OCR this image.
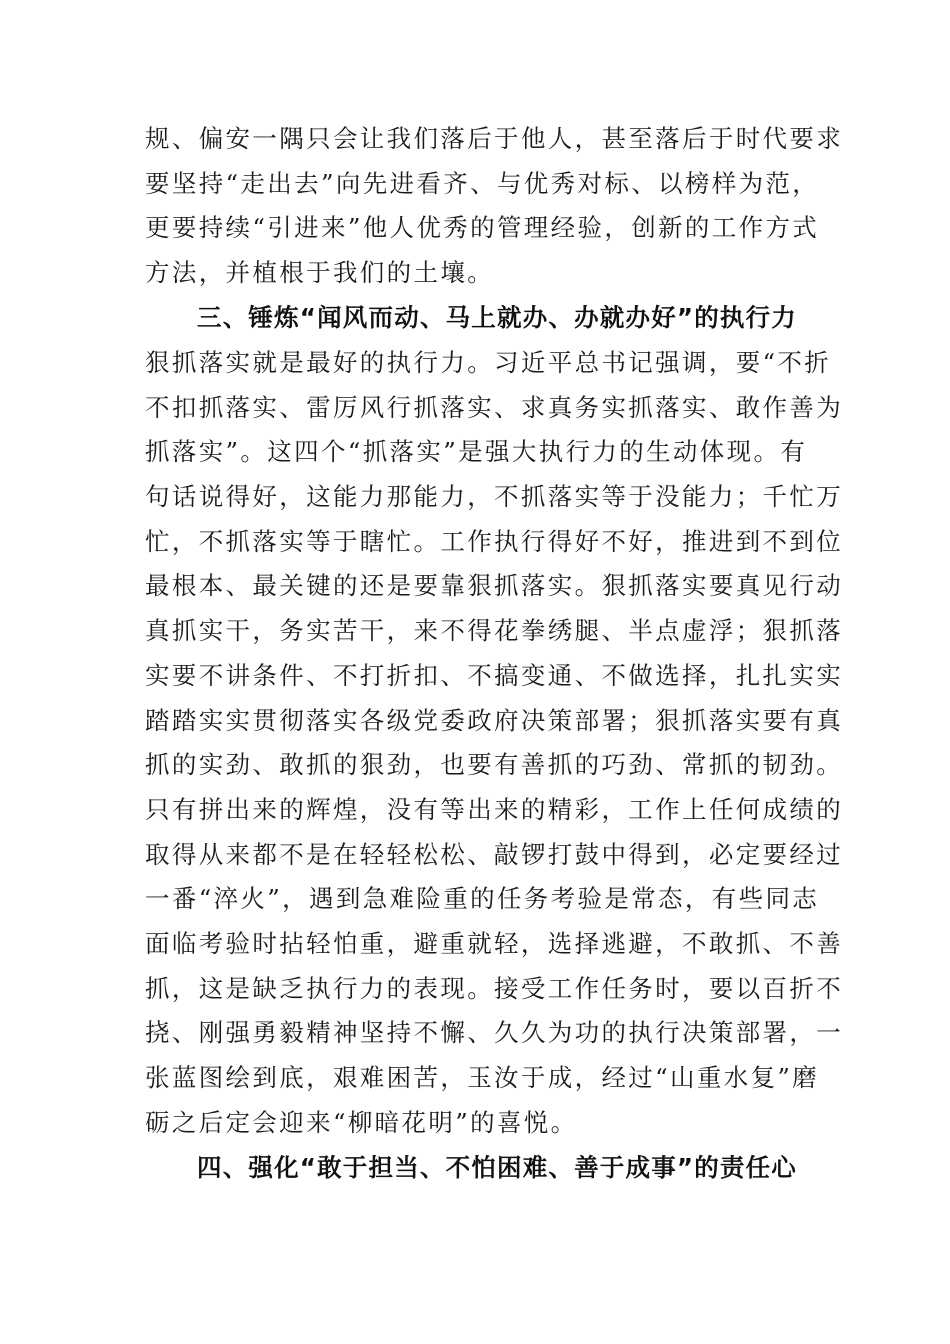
规、偏安一隅只会让我们落后于他人，甚至落后于时代要求
要坚持“走出去”向先进看齐、与优秀对标、以榜样为范，
更要持续“引进来”他人优秀的管理经验，创新的工作方式
方法，并植根于我们的土壤。
三、锤炼“闻风而动、马上就办、办就办好”的执行力
狠抓落实就是最好的执行力。习近平总书记强调，要“不折
不扣抓落实、雷厉风行抓落实、求真务实抓落实、敢作善为
抓落实”。这四个“抓落实”是强大执行力的生动体现。有
句话说得好，这能力那能力，不抓落实等于没能力；千忙万
忙，不抓落实等于瞎忙。工作执行得好不好，推进到不到位
最根本、最关键的还是要靠狠抓落实。狠抓落实要真见行动
真抓实干，务实苦干，来不得花拳绣腿、半点虚浮；狠抓落
实要不讲条件、不打折扣、不搞变通、不做选择，扎扎实实
踏踏实实贯彻落实各级党委政府决策部署；狠抓落实要有真
抓的实劲、敢抓的狠劲，也要有善抓的巧劲、常抓的韧劲。
只有拼出来的辉煌，没有等出来的精彩，工作上任何成绩的
取得从来都不是在轻轻松松、敲锣打鼓中得到，必定要经过
一番“淬火”，遇到急难险重的任务考验是常态，有些同志
面临考验时拈轻怕重，避重就轻，选择逃避，不敢抓、不善
抓，这是缺乏执行力的表现。接受工作任务时，要以百折不
挠、刚强勇毅精神坚持不懈、久久为功的执行决策部署，一
张蓝图绘到底，艰难困苦，玉汝于成，经过“山重水复”磨
砺之后定会迎来“柳暗花明”的喜悦。
四、强化“敢于担当、不怕困难、善于成事”的责任心
